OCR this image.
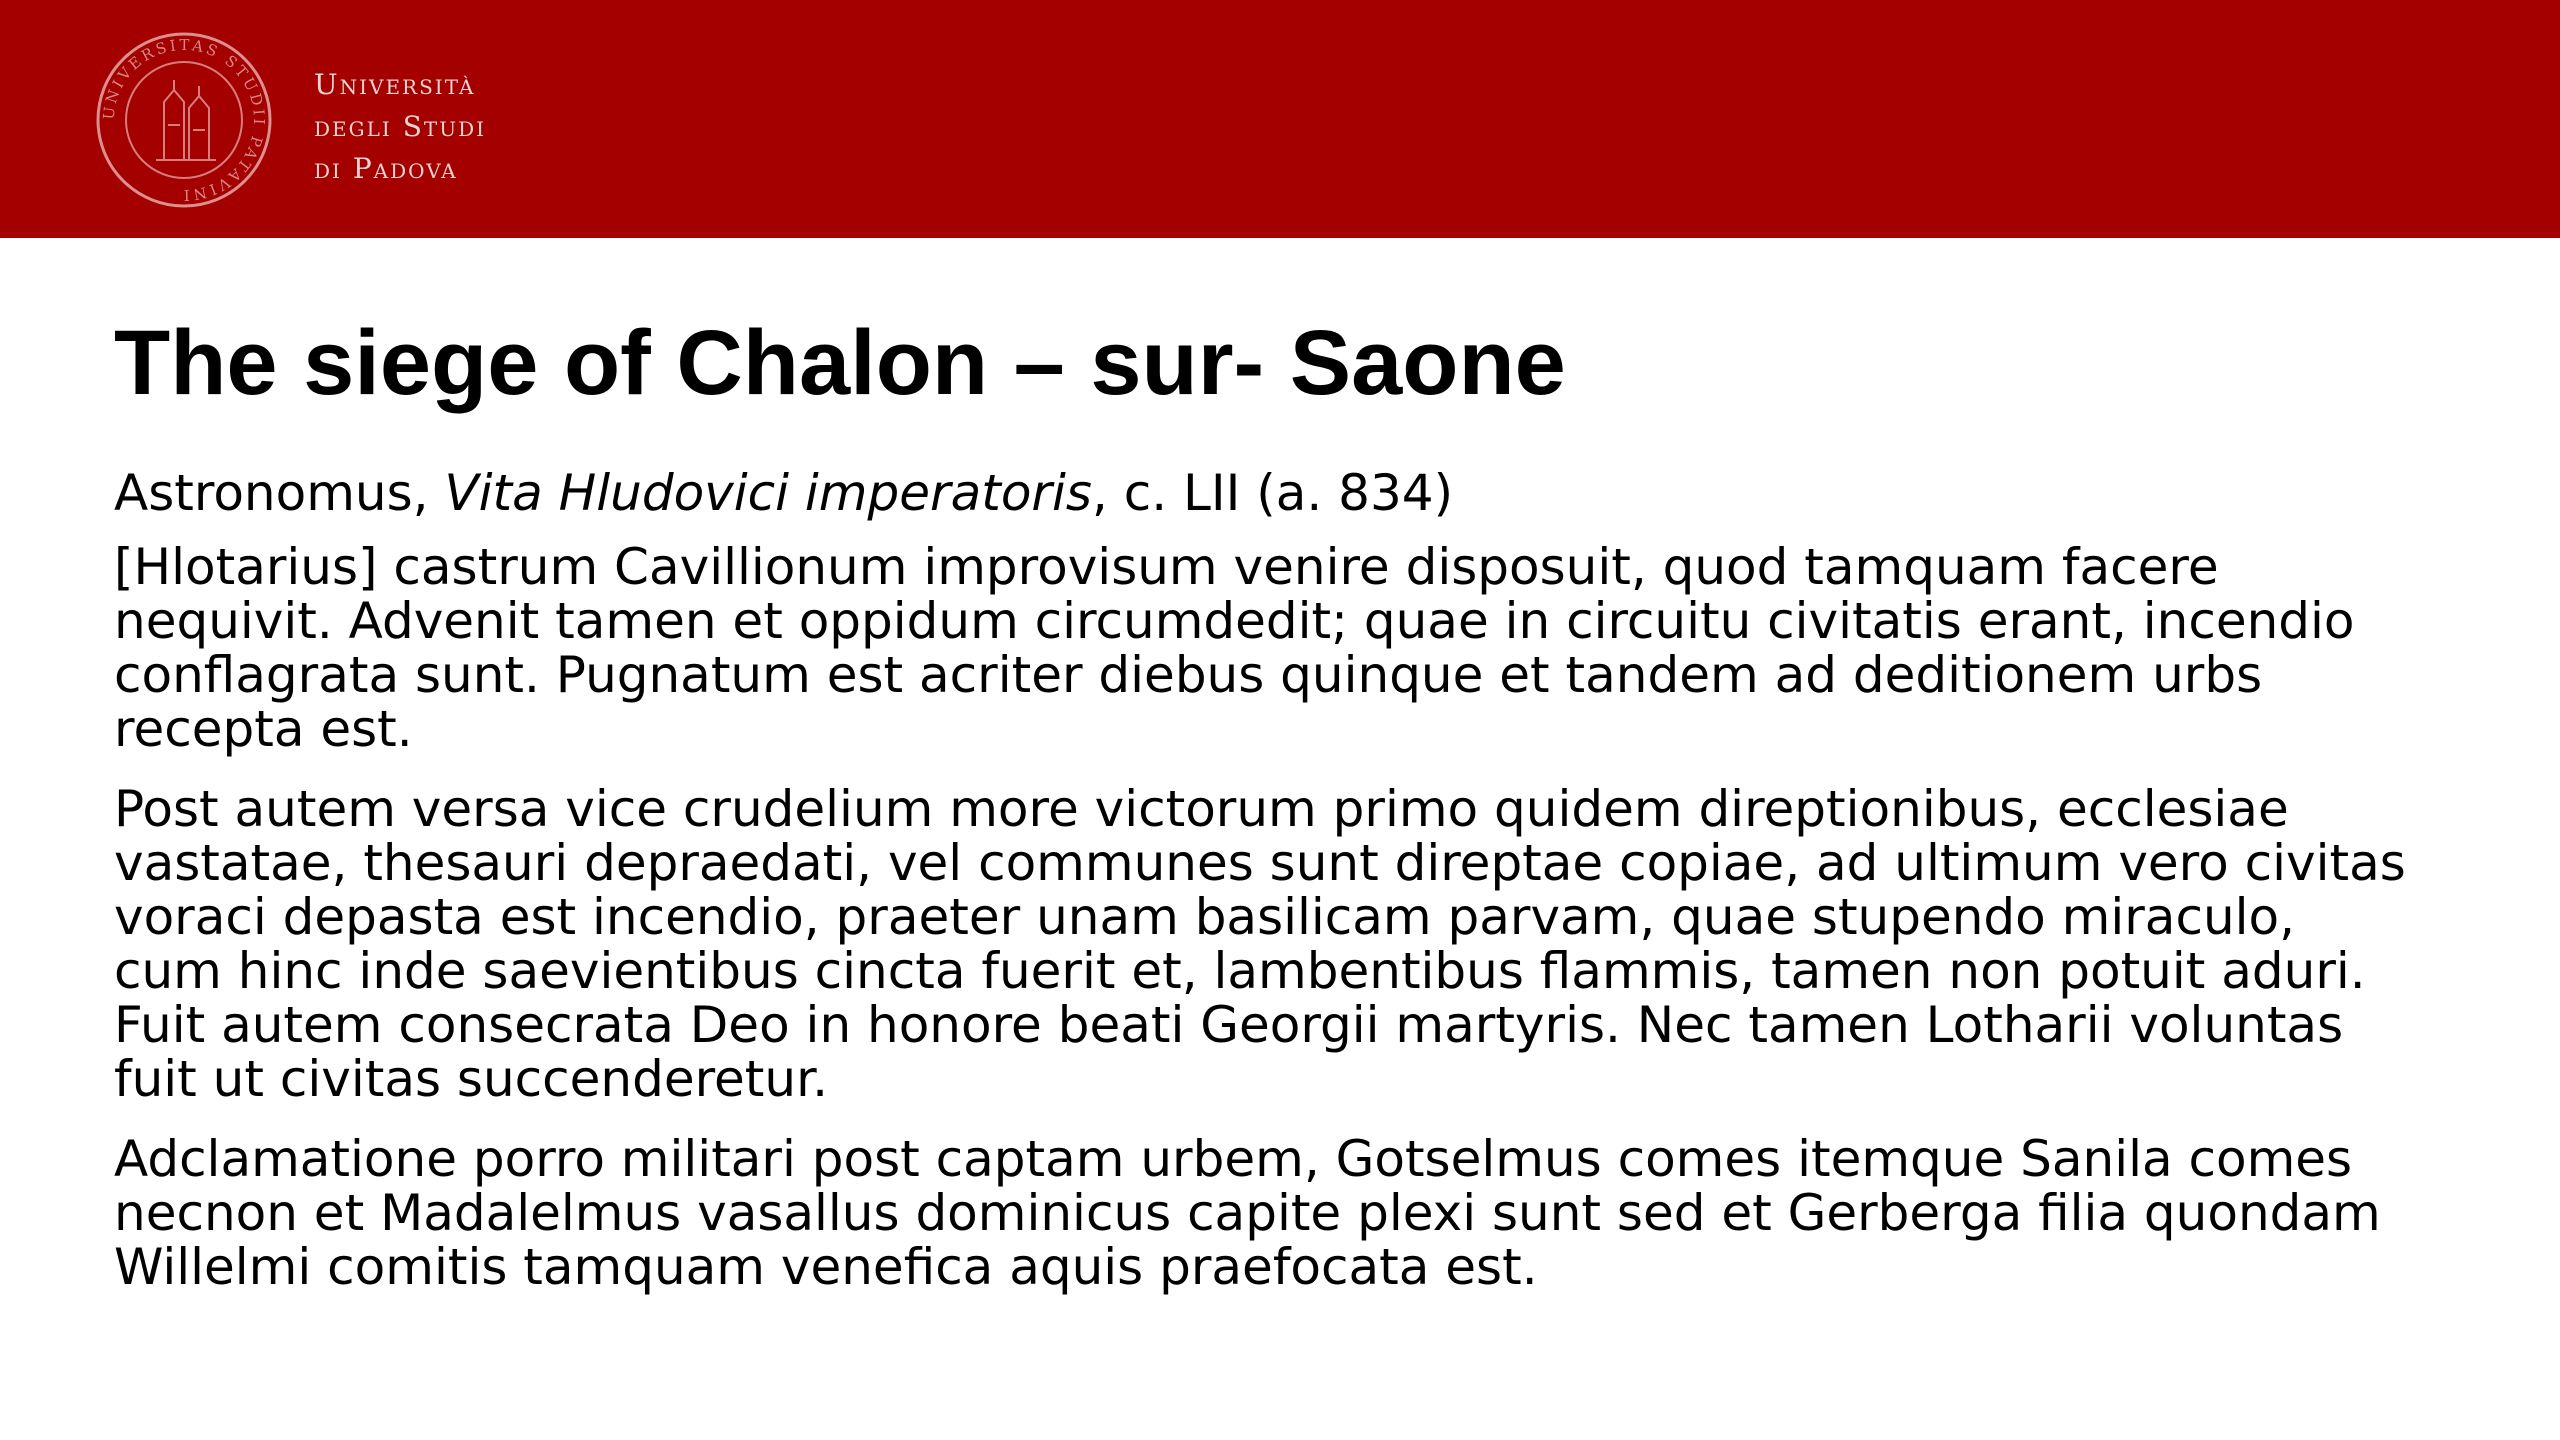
UNIVERSITAS STUDII PATAVINI
Università
degli Studi
di Padova
The siege of Chalon – sur- Saone

Astronomus, Vita Hludovici imperatoris, c. LII (a. 834)

[Hlotarius] castrum Cavillionum improvisum venire disposuit, quod tamquam facere
nequivit. Advenit tamen et oppidum circumdedit; quae in circuitu civitatis erant, incendio
conflagrata sunt. Pugnatum est acriter diebus quinque et tandem ad deditionem urbs
recepta est.

Post autem versa vice crudelium more victorum primo quidem direptionibus, ecclesiae
vastatae, thesauri depraedati, vel communes sunt direptae copiae, ad ultimum vero civitas
voraci depasta est incendio, praeter unam basilicam parvam, quae stupendo miraculo,
cum hinc inde saevientibus cincta fuerit et, lambentibus flammis, tamen non potuit aduri.
Fuit autem consecrata Deo in honore beati Georgii martyris. Nec tamen Lotharii voluntas
fuit ut civitas succenderetur.

Adclamatione porro militari post captam urbem, Gotselmus comes itemque Sanila comes
necnon et Madalelmus vasallus dominicus capite plexi sunt sed et Gerberga filia quondam
Willelmi comitis tamquam venefica aquis praefocata est.
